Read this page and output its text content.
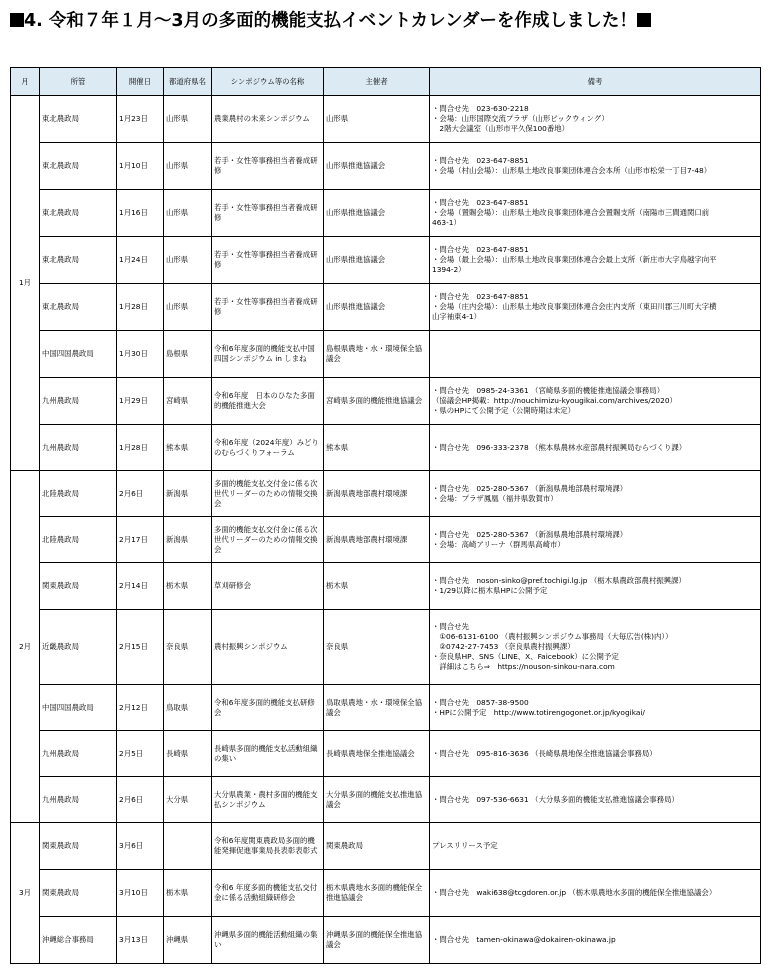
4. 令和７年１月～3月の多面的機能支払イベントカレンダーを作成しました！
月	所管	開催日	都道府県名	シンポジウム等の名称	主催者	備考
1月	東北農政局	1月23日	山形県	農業農村の未来シンポジウム	山形県	・問合せ先　023-630-2218
・会場：山形国際交流プラザ（山形ビックウィング）
　2階大会議室（山形市平久保100番地）

	東北農政局	1月10日	山形県	若手・女性等事務担当者養成研修	山形県推進協議会	・問合せ先　023-647-8851
・会場（村山会場）：山形県土地改良事業団体連合会本所（山形市松栄一丁目7-48）

	東北農政局	1月16日	山形県	若手・女性等事務担当者養成研修	山形県推進協議会	・問合せ先　023-647-8851
・会場（置賜会場）：山形県土地改良事業団体連合会置賜支所（南陽市三間通関口前
463-1）

	東北農政局	1月24日	山形県	若手・女性等事務担当者養成研修	山形県推進協議会	・問合せ先　023-647-8851
・会場（最上会場）：山形県土地改良事業団体連合会最上支所（新庄市大字鳥越字向平
1394-2）

	東北農政局	1月28日	山形県	若手・女性等事務担当者養成研修	山形県推進協議会	・問合せ先　023-647-8851
・会場（庄内会場）：山形県土地改良事業団体連合会庄内支所（東田川郡三川町大字横
山字袖東4-1）

	中国四国農政局	1月30日	島根県	令和6年度多面的機能支払中国四国シンポジウム in しまね	島根県農地・水・環境保全協議会	
	九州農政局	1月29日	宮崎県	令和6年度　日本のひなた多面的機能推進大会	宮崎県多面的機能推進協議会	・問合せ先　0985-24-3361 （宮崎県多面的機能推進協議会事務局）
（協議会HP掲載：http://nouchimizu-kyougikai.com/archives/2020）
・県のHPにて公開予定（公開時期は未定）

	九州農政局	1月28日	熊本県	令和6年度（2024年度）みどりのむらづくりフォーラム	熊本県	・問合せ先　096-333-2378 （熊本県農林水産部農村振興局むらづくり課）

2月	北陸農政局	2月6日	新潟県	多面的機能支払交付金に係る次世代リーダーのための情報交換会	新潟県農地部農村環境課	・問合せ先　025-280-5367 （新潟県農地部農村環境課）
・会場：プラザ鳳凰（福井県敦賀市）

	北陸農政局	2月17日	新潟県	多面的機能支払交付金に係る次世代リーダーのための情報交換会	新潟県農地部農村環境課	・問合せ先　025-280-5367 （新潟県農地部農村環境課）
・会場：高崎アリーナ（群馬県高崎市）

	関東農政局	2月14日	栃木県	草刈研修会	栃木県	・問合せ先　noson-sinko@pref.tochigi.lg.jp （栃木県農政部農村振興課）
・1/29以降に栃木県HPに公開予定

	近畿農政局	2月15日	奈良県	農村振興シンポジウム	奈良県	・問合せ先
　①06-6131-6100 （農村振興シンポジウム事務局（大毎広告(株)内））
　②0742-27-7453 （奈良県農村振興課）
・奈良県HP、SNS（LINE、X、Faicebook）に公開予定
　詳細はこちら⇒　https://nouson-sinkou-nara.com

	中国四国農政局	2月12日	鳥取県	令和6年度多面的機能支払研修会	鳥取県農地・水・環境保全協議会	・問合せ先　0857-38-9500
・HPに公開予定　http://www.totirengogonet.or.jp/kyogikai/

	九州農政局	2月5日	長崎県	長崎県多面的機能支払活動組織の集い	長崎県農地保全推進協議会	・問合せ先　095-816-3636 （長崎県農地保全推進協議会事務局）

	九州農政局	2月6日	大分県	大分県農業・農村多面的機能支払シンポジウム	大分県多面的機能支払推進協議会	・問合せ先　097-536-6631 （大分県多面的機能支払推進協議会事務局）

3月	関東農政局	3月6日		令和6年度関東農政局多面的機能発揮促進事業局長表彰表彰式	関東農政局	プレスリリース予定

	関東農政局	3月10日	栃木県	令和6 年度多面的機能支払交付金に係る活動組織研修会	栃木県農地水多面的機能保全推進協議会	・問合せ先　waki638@tcgdoren.or.jp （栃木県農地水多面的機能保全推進協議会）

	沖縄総合事務局	3月13日	沖縄県	沖縄県多面的機能活動組織の集い	沖縄県多面的機能保全推進協議会	・問合せ先　tamen-okinawa@dokairen-okinawa.jp
